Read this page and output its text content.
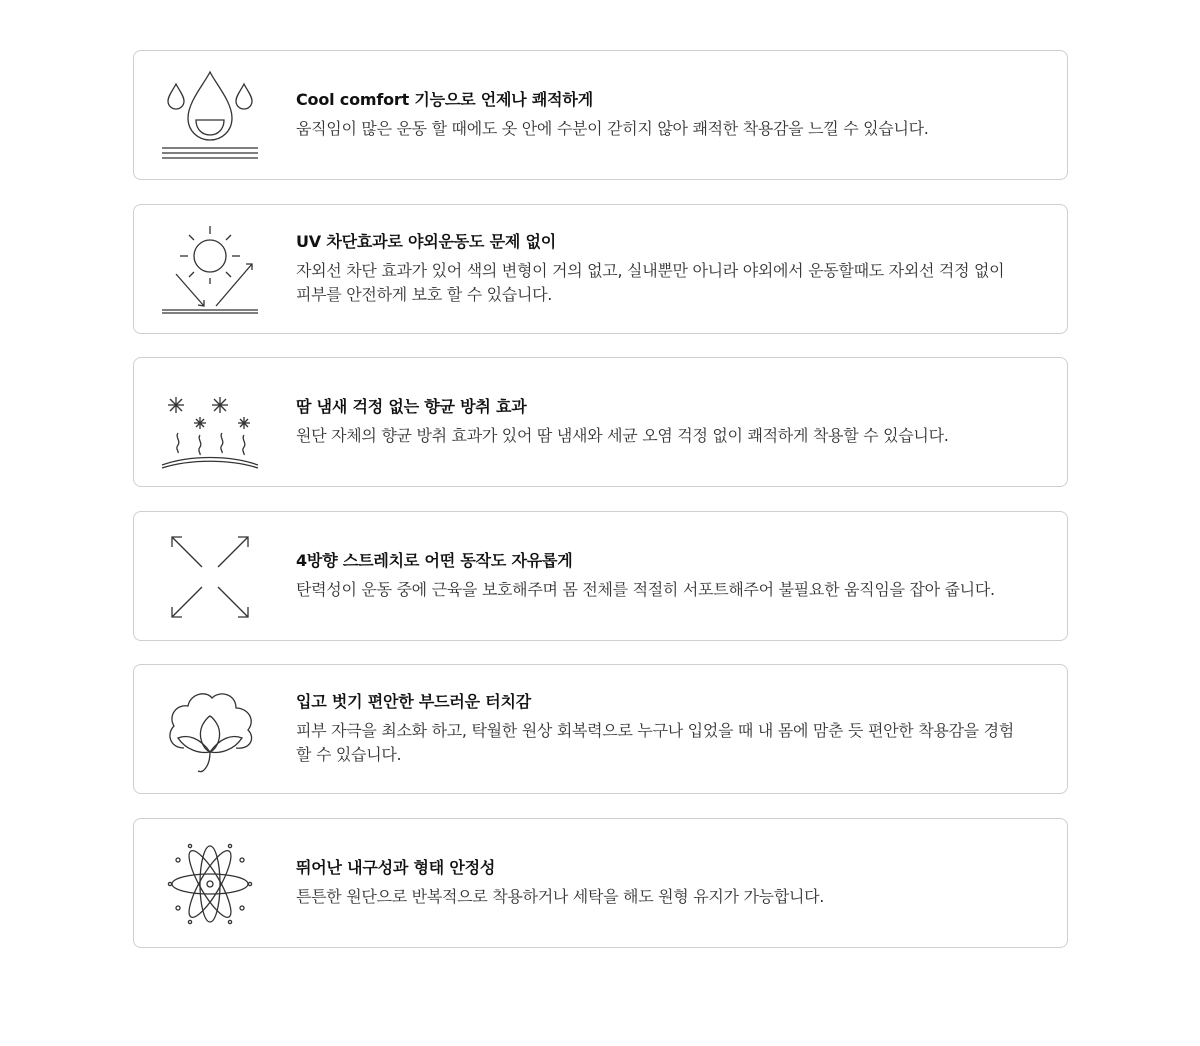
Cool comfort 기능으로 언제나 쾌적하게

움직임이 많은 운동 할 때에도 옷 안에 수분이 갇히지 않아 쾌적한 착용감을 느낄 수 있습니다.

UV 차단효과로 야외운동도 문제 없이

자외선 차단 효과가 있어 색의 변형이 거의 없고, 실내뿐만 아니라 야외에서 운동할때도 자외선 걱정 없이 피부를 안전하게 보호 할 수 있습니다.

땀 냄새 걱정 없는 향균 방취 효과

원단 자체의 향균 방취 효과가 있어 땀 냄새와 세균 오염 걱정 없이 쾌적하게 착용할 수 있습니다.

4방향 스트레치로 어떤 동작도 자유롭게

탄력성이 운동 중에 근육을 보호해주며 몸 전체를 적절히 서포트해주어 불필요한 움직임을 잡아 줍니다.

입고 벗기 편안한 부드러운 터치감

피부 자극을 최소화 하고, 탁월한 원상 회복력으로 누구나 입었을 때 내 몸에 맘춘 듯 편안한 착용감을 경험할 수 있습니다.

뛰어난 내구성과 형태 안정성

튼튼한 원단으로 반복적으로 착용하거나 세탁을 해도 원형 유지가 가능합니다.
